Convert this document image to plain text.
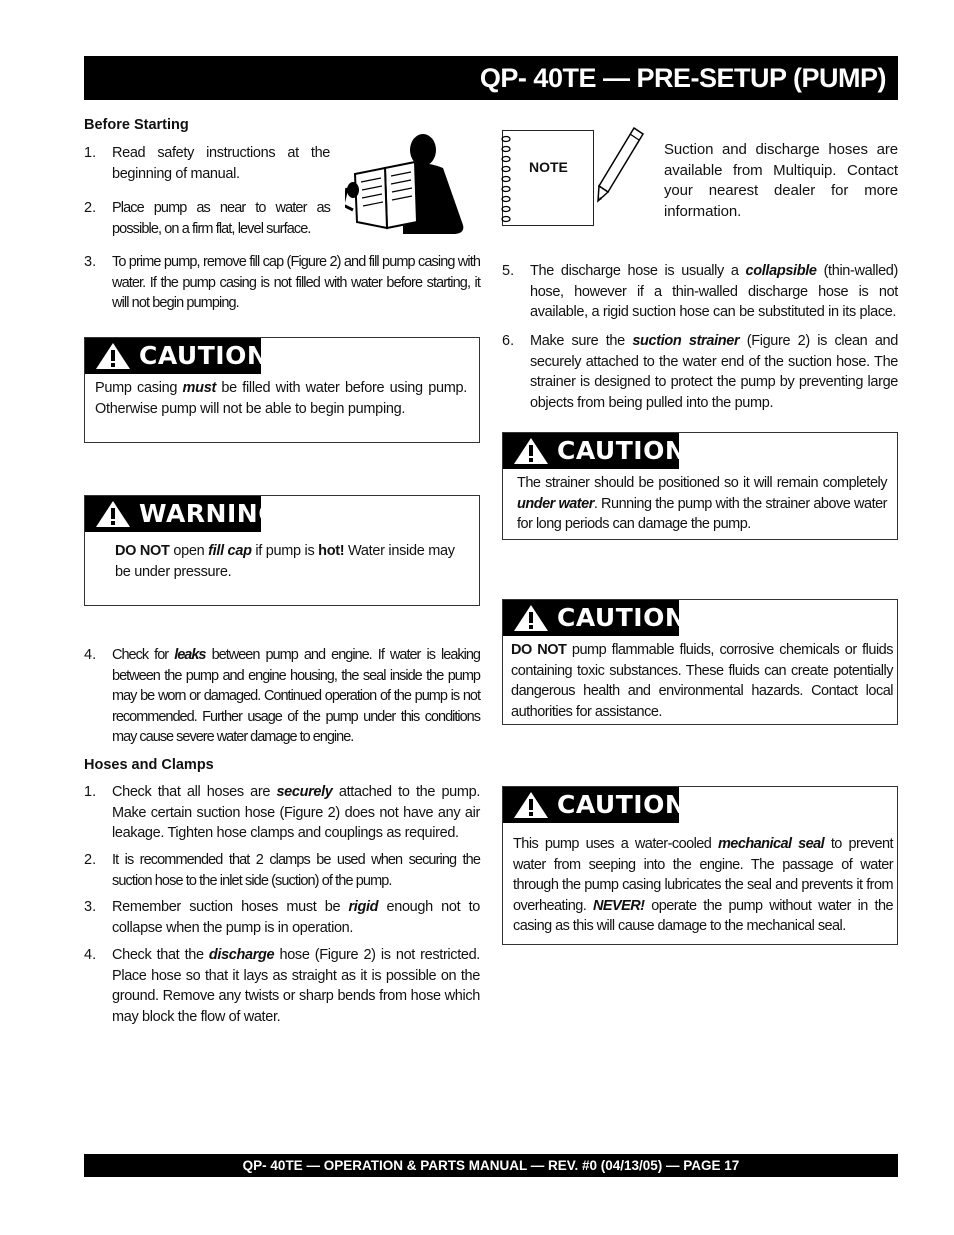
QP- 40TE — PRE-SETUP (PUMP)
Before Starting
1. Read safety instructions at the beginning of manual.
2. Place pump as near to water as possible, on a firm flat, level surface.
3. To prime pump, remove fill cap (Figure 2) and fill pump casing with water. If the pump casing is not filled with water before starting, it will not begin pumping.
CAUTION
Pump casing must be filled with water before using pump. Otherwise pump will not be able to begin pumping.
WARNING
DO NOT open fill cap if pump is hot! Water inside may be under pressure.
4. Check for leaks between pump and engine. If water is leaking between the pump and engine housing, the seal inside the pump may be worn or damaged. Continued operation of the pump is not recommended. Further usage of the pump under this conditions may cause severe water damage to engine.
Hoses and Clamps
1. Check that all hoses are securely attached to the pump. Make certain suction hose (Figure 2) does not have any air leakage. Tighten hose clamps and couplings as required.
2. It is recommended that 2 clamps be used when securing the suction hose to the inlet side (suction) of the pump.
3. Remember suction hoses must be rigid enough not to collapse when the pump is in operation.
4. Check that the discharge hose (Figure 2) is not restricted. Place hose so that it lays as straight as it is possible on the ground. Remove any twists or sharp bends from hose which may block the flow of water.
NOTE
Suction and discharge hoses are available from Multiquip. Contact your nearest dealer for more information.
5. The discharge hose is usually a collapsible (thin-walled) hose, however if a thin-walled discharge hose is not available, a rigid suction hose can be substituted in its place.
6. Make sure the suction strainer (Figure 2) is clean and securely attached to the water end of the suction hose. The strainer is designed to protect the pump by preventing large objects from being pulled into the pump.
CAUTION
The strainer should be positioned so it will remain completely under water. Running the pump with the strainer above water for long periods can damage the pump.
CAUTION
DO NOT pump flammable fluids, corrosive chemicals or fluids containing toxic substances. These fluids can create potentially dangerous health and environmental hazards. Contact local authorities for assistance.
CAUTION
This pump uses a water-cooled mechanical seal to prevent water from seeping into the engine. The passage of water through the pump casing lubricates the seal and prevents it from overheating. NEVER! operate the pump without water in the casing as this will cause damage to the mechanical seal.
QP- 40TE — OPERATION & PARTS MANUAL — REV. #0 (04/13/05) — PAGE 17
